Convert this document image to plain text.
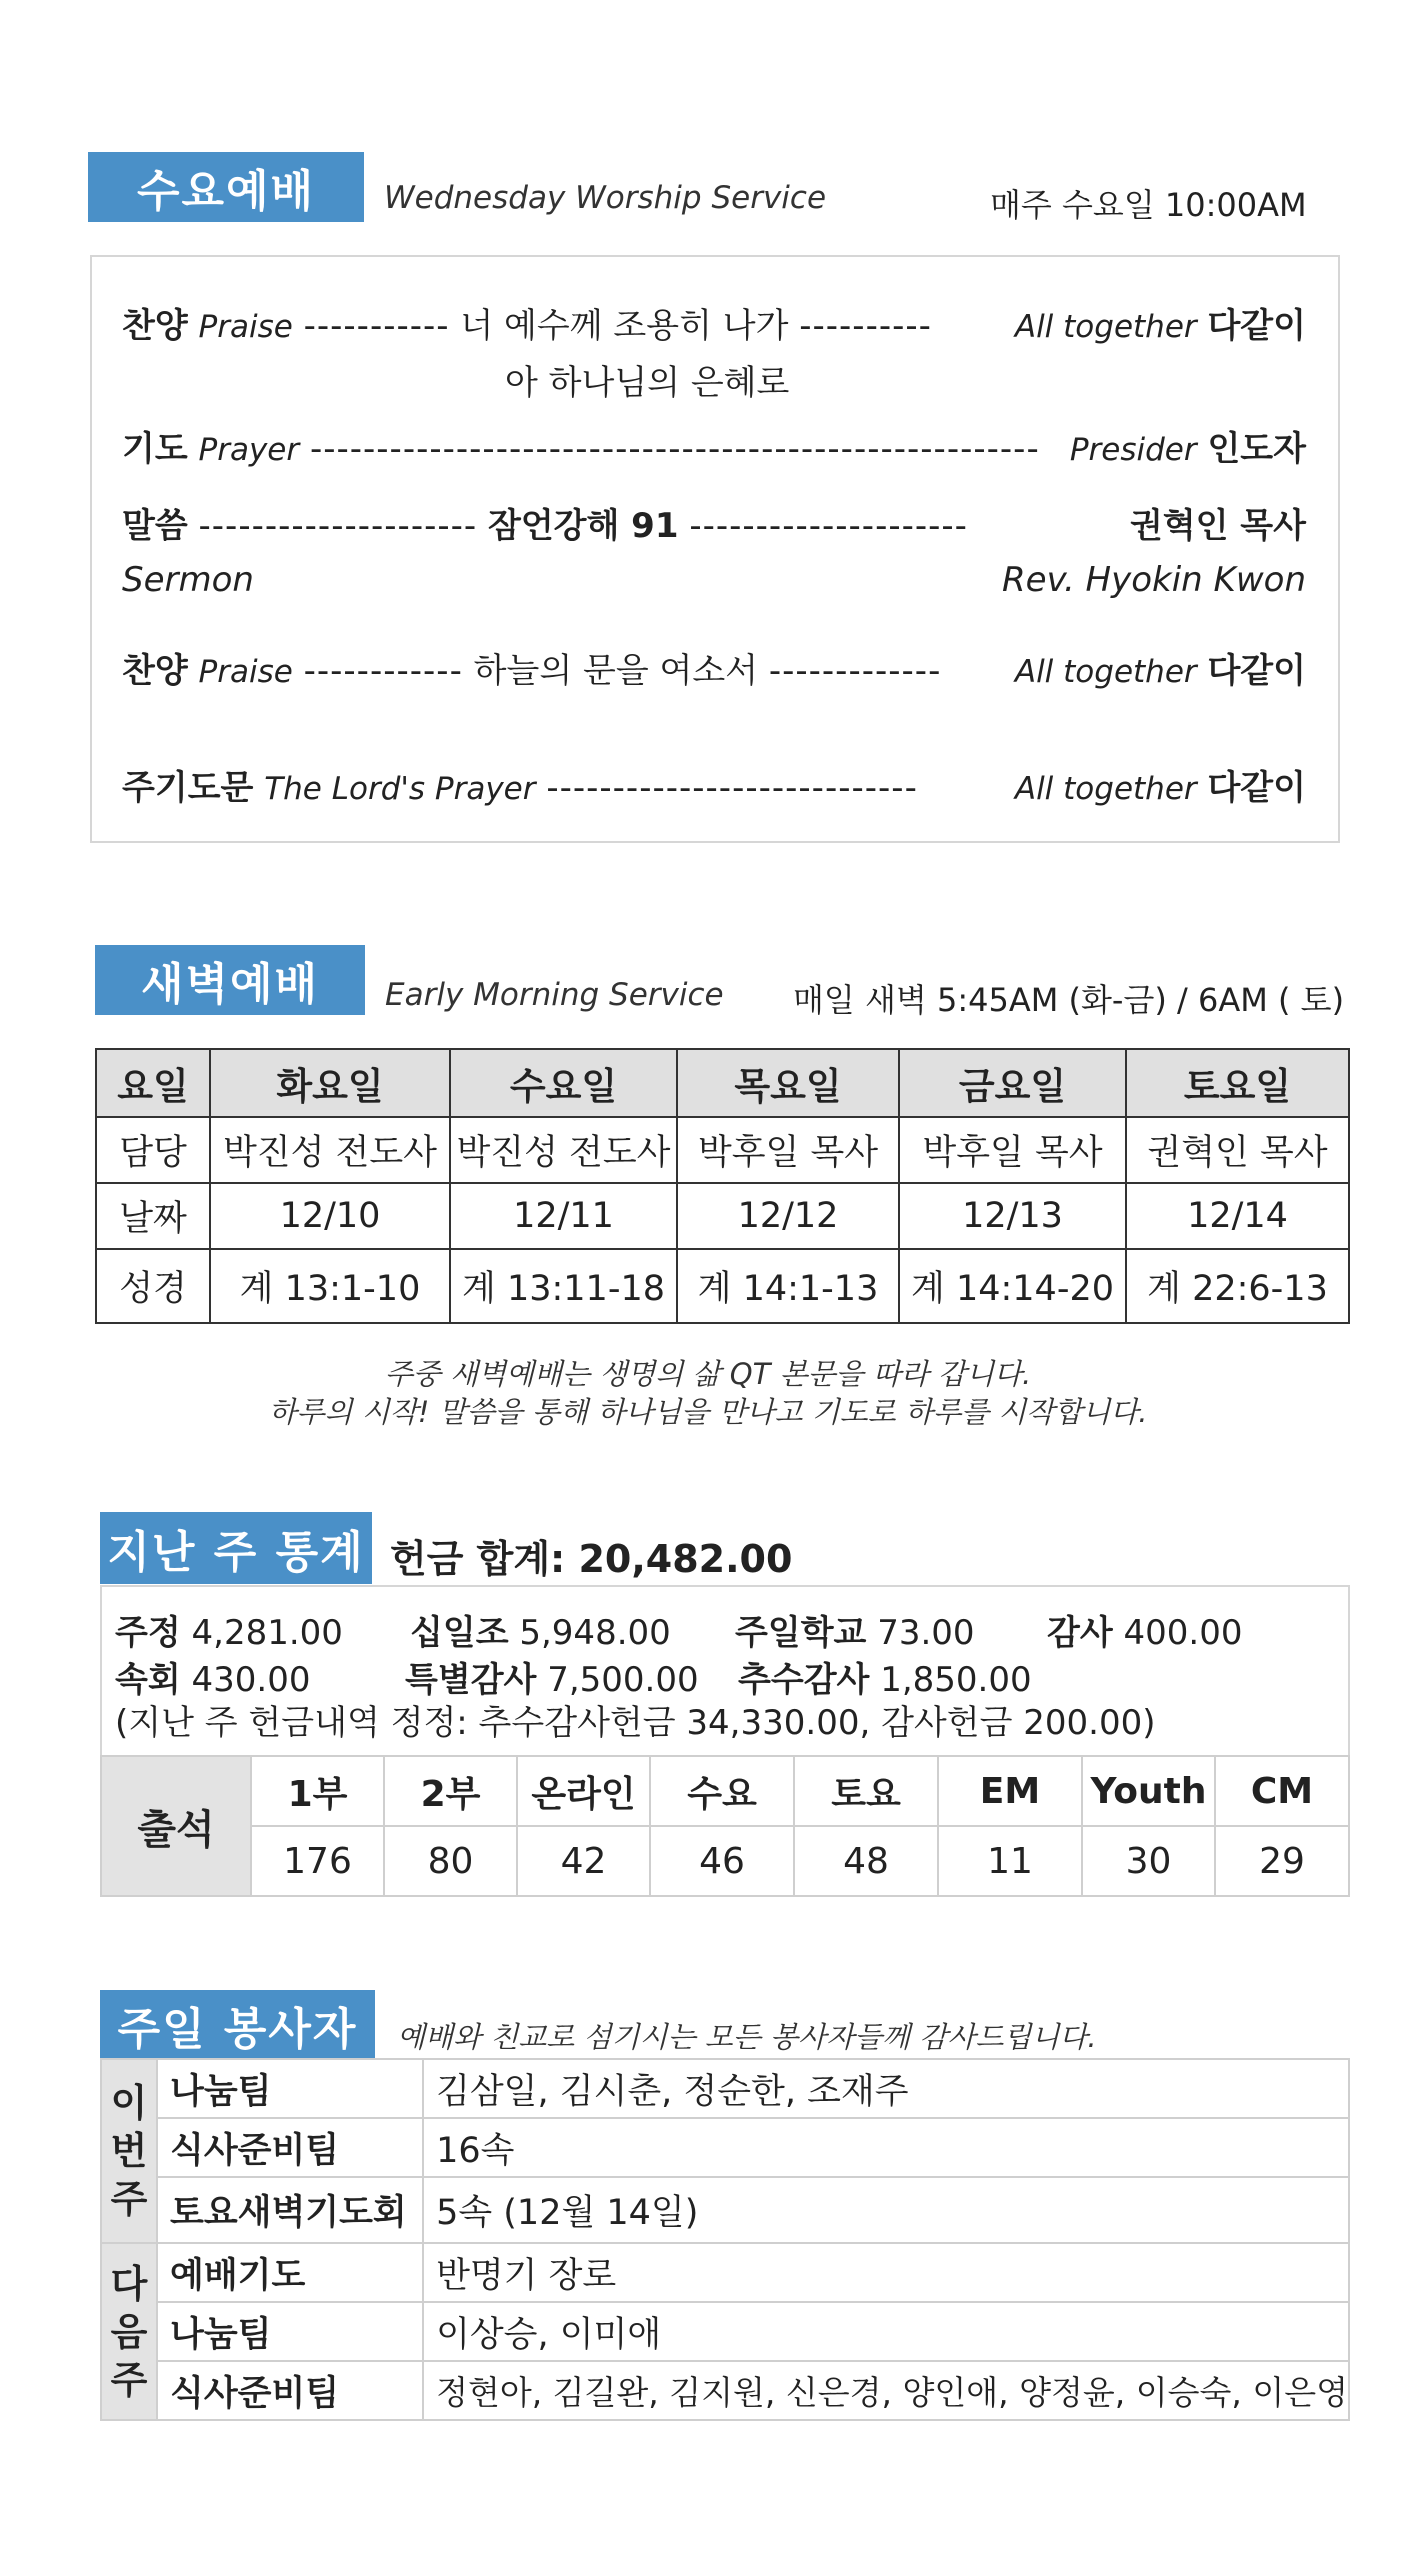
수요예배	Wednesday Worship Service	매주 수요일 10:00AM
찬양 Praise ----------- 너 예수께 조용히 나가 ----------	All together 다같이
아 하나님의 은혜로
기도 Prayer ------------------------------------------------------- Presider 인도자
말씀 --------------------- 잠언강해 91 ---------------------	권혁인 목사
Sermon	Rev. Hyokin Kwon
찬양 Praise ------------ 하늘의 문을 여소서 ------------- All together 다같이
주기도문 The Lord's Prayer ----------------------------	All together 다같이
새벽예배	Early Morning Service 매일 새벽 5:45AM (화-금) / 6AM ( 토)
요일	화요일	수요일	목요일	금요일	토요일
담당	박진성 전도사	박진성 전도사	박후일 목사	박후일 목사	권혁인 목사
날짜	12/10	12/11	12/12	12/13	12/14
성경	계 13:1-10	계 13:11-18	계 14:1-13	계 14:14-20	계 22:6-13
주중 새벽예배는 생명의 삶 QT 본문을 따라 갑니다.
하루의 시작! 말씀을 통해 하나님을 만나고 기도로 하루를 시작합니다.
지난 주 통계 헌금 합계: 20,482.00
주정 4,281.00 십일조 5,948.00 주일학교 73.00 감사 400.00
속회 430.00	특별감사 7,500.00 추수감사 1,850.00
(지난 주 헌금내역 정정: 추수감사헌금 34,330.00, 감사헌금 200.00)
출석	1부	2부	온라인	수요	토요	EM	Youth	CM
	176	80	42	46	48	11	30	29
주일 봉사자	예배와 친교로 섬기시는 모든 봉사자들께 감사드립니다.
이
번
주	나눔팀	김삼일, 김시춘, 정순한, 조재주
	식사준비팀	16속
	토요새벽기도회	5속 (12월 14일)
다
음
주	예배기도	반명기 장로
	나눔팀	이상승, 이미애
	식사준비팀	정현아, 김길완, 김지원, 신은경, 양인애, 양정윤, 이승숙, 이은영
